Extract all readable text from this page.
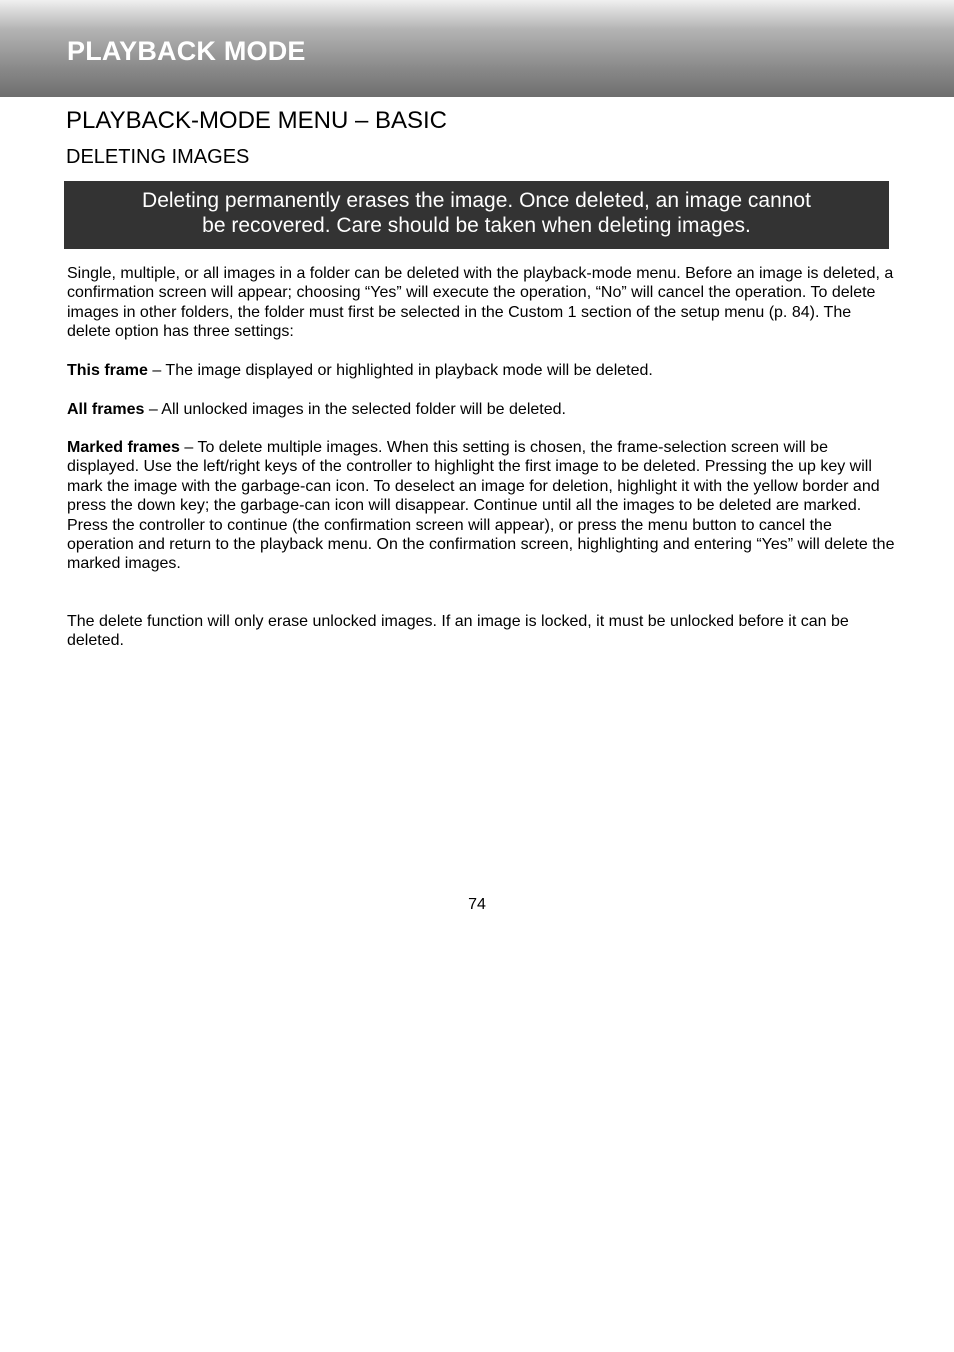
PLAYBACK MODE
PLAYBACK-MODE MENU – BASIC
DELETING IMAGES
Deleting permanently erases the image. Once deleted, an image cannot
be recovered. Care should be taken when deleting images.

Single, multiple, or all images in a folder can be deleted with the playback-mode menu. Before an image is deleted, a confirmation screen will appear; choosing “Yes” will execute the operation, “No” will cancel the operation. To delete images in other folders, the folder must first be selected in the Custom 1 section of the setup menu (p. 84). The delete option has three settings:

This frame – The image displayed or highlighted in playback mode will be deleted.

All frames – All unlocked images in the selected folder will be deleted.

Marked frames – To delete multiple images. When this setting is chosen, the frame-selection screen will be displayed. Use the left/right keys of the controller to highlight the first image to be deleted. Pressing the up key will mark the image with the garbage-can icon. To deselect an image for deletion, highlight it with the yellow border and press the down key; the garbage-can icon will disappear. Continue until all the images to be deleted are marked. Press the controller to continue (the confirmation screen will appear), or press the menu button to cancel the operation and return to the playback menu. On the confirmation screen, highlighting and entering “Yes” will delete the marked images.

The delete function will only erase unlocked images. If an image is locked, it must be unlocked before it can be deleted.

74
